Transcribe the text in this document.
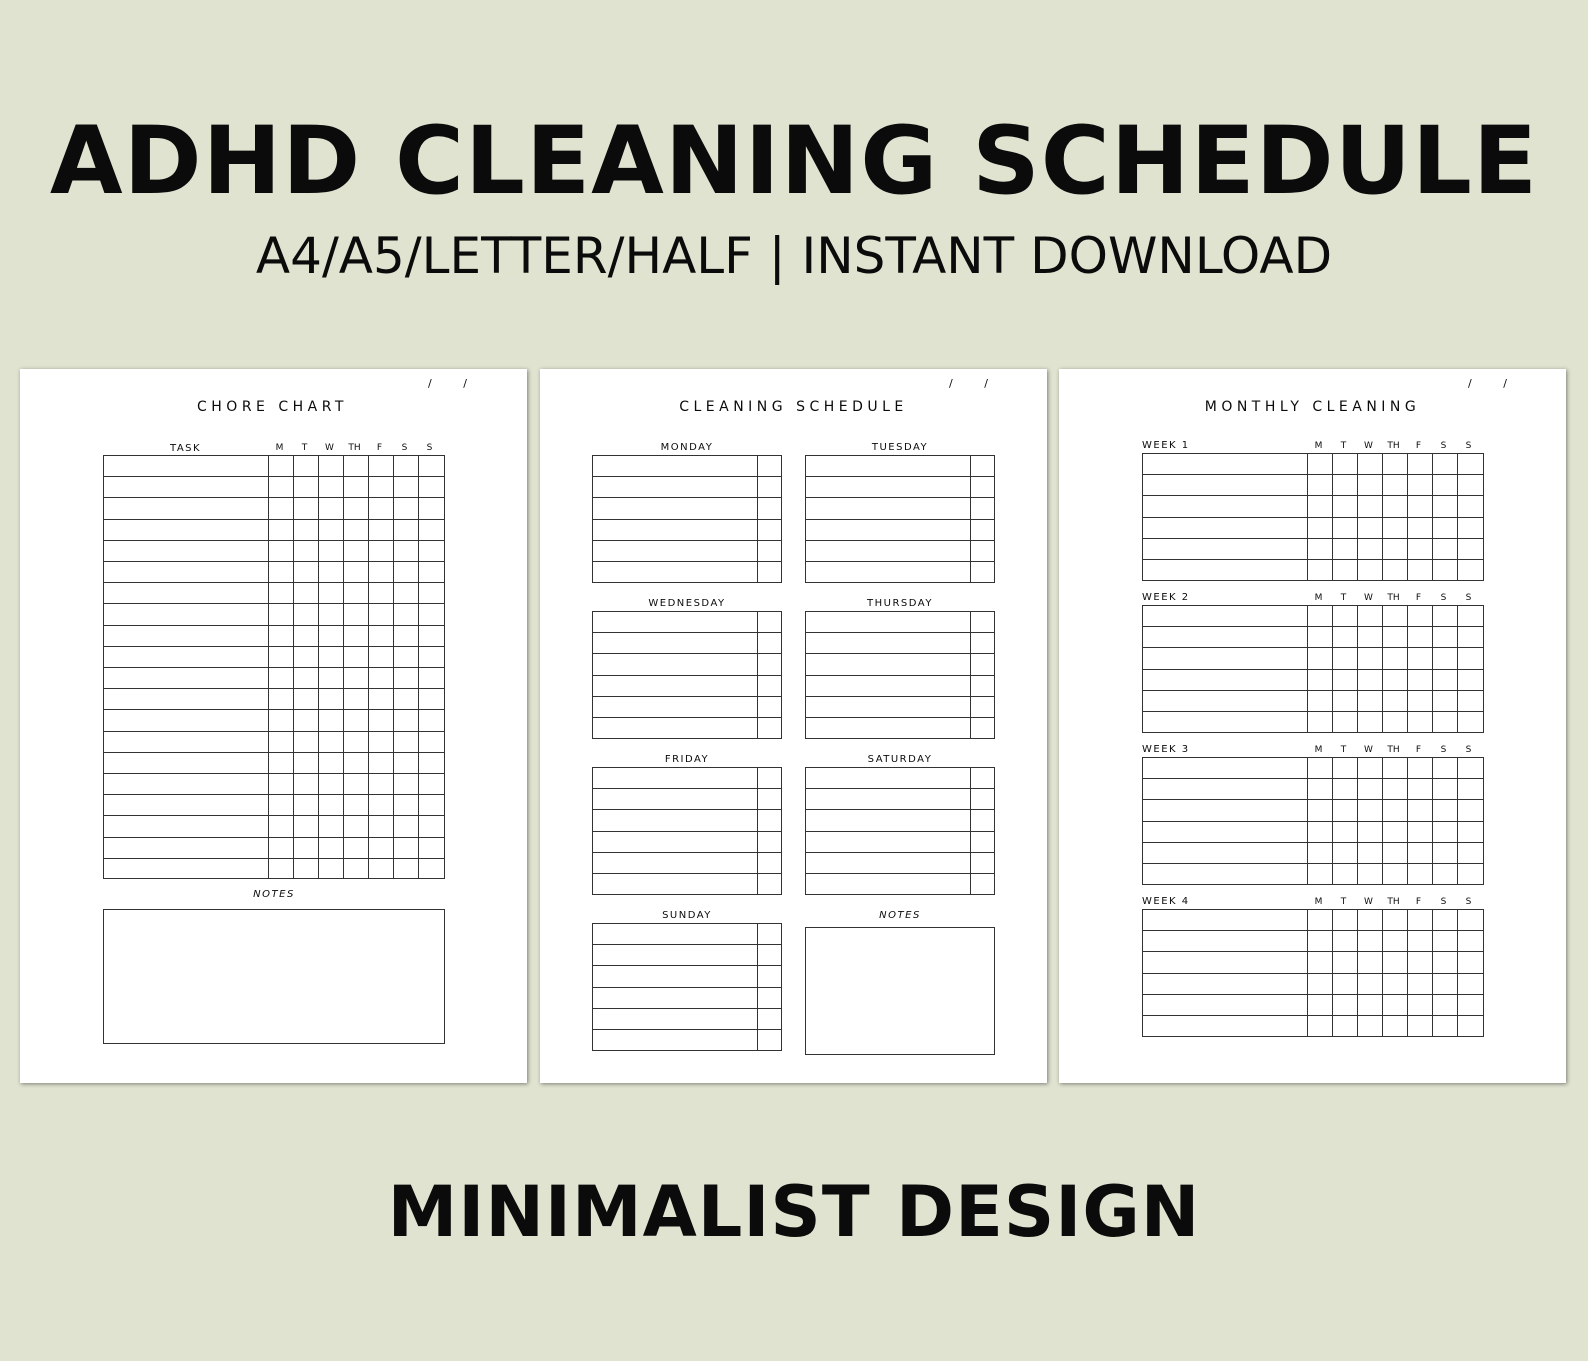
ADHD CLEANING SCHEDULE
A4/A5/LETTER/HALF | INSTANT DOWNLOAD
/ /
CHORE CHART
TASK	M	T	W	TH	F	S	S
NOTES
/ /
CLEANING SCHEDULE
MONDAY	TUESDAY
WEDNESDAY	THURSDAY
FRIDAY	SATURDAY
SUNDAY	NOTES
/ /
MONTHLY CLEANING
WEEK 1	M	T	W	TH	F	S	S
WEEK 2	M	T	W	TH	F	S	S
WEEK 3	M	T	W	TH	F	S	S
WEEK 4	M	T	W	TH	F	S	S
MINIMALIST DESIGN
